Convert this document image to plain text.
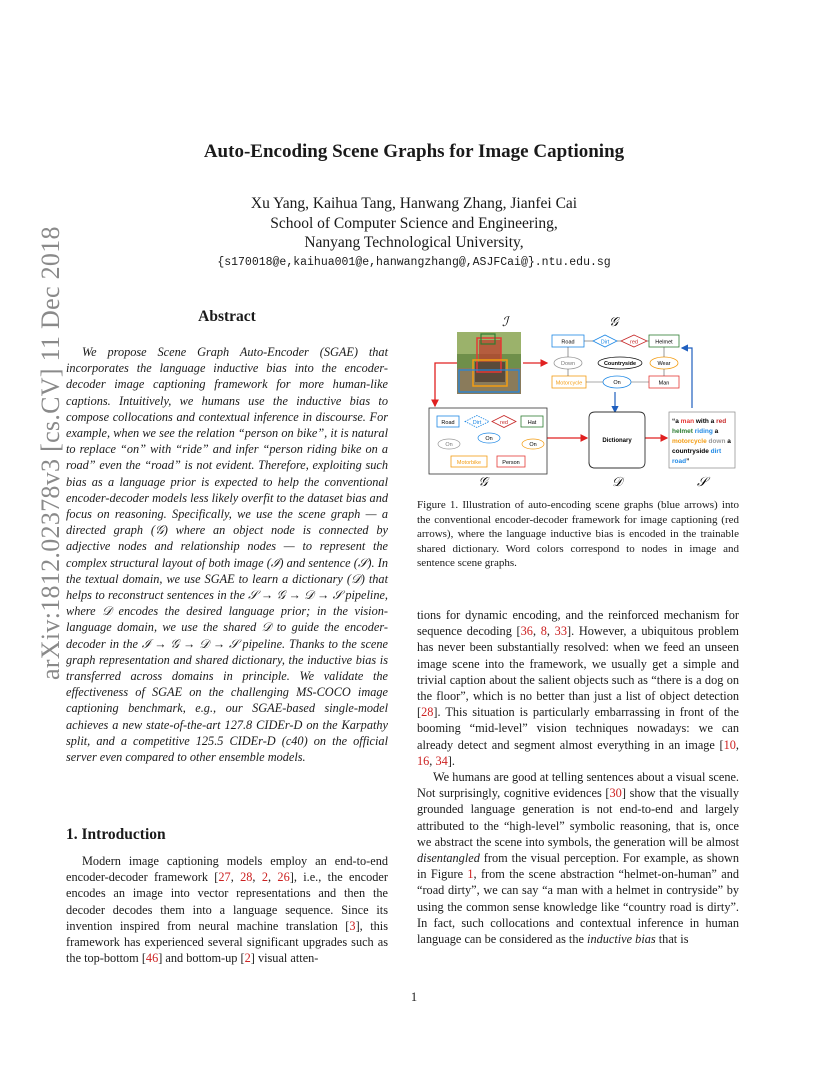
Auto-Encoding Scene Graphs for Image Captioning
Xu Yang, Kaihua Tang, Hanwang Zhang, Jianfei Cai
School of Computer Science and Engineering,
Nanyang Technological University,
{s170018@e,kaihua001@e,hanwangzhang@,ASJFCai@}.ntu.edu.sg
arXiv:1812.02378v3 [cs.CV] 11 Dec 2018	Abstract

We propose Scene Graph Auto-Encoder (SGAE) that incorporates the language inductive bias into the encoder-decoder image captioning framework for more human-like captions. Intuitively, we humans use the inductive bias to compose collocations and contextual inference in discourse. For example, when we see the relation “person on bike”, it is natural to replace “on” with “ride” and infer “person riding bike on a road” even the “road” is not evident. Therefore, exploiting such bias as a language prior is expected to help the conventional encoder-decoder models less likely overfit to the dataset bias and focus on reasoning. Specifically, we use the scene graph — a directed graph (𝒢) where an object node is connected by adjective nodes and relationship nodes — to represent the complex structural layout of both image (ℐ) and sentence (𝒮). In the textual domain, we use SGAE to learn a dictionary (𝒟) that helps to reconstruct sentences in the 𝒮 → 𝒢 → 𝒟 → 𝒮 pipeline, where 𝒟 encodes the desired language prior; in the vision-language domain, we use the shared 𝒟 to guide the encoder-decoder in the ℐ → 𝒢 → 𝒟 → 𝒮 pipeline. Thanks to the scene graph representation and shared dictionary, the inductive bias is transferred across domains in principle. We validate the effectiveness of SGAE on the challenging MS-COCO image captioning benchmark, e.g., our SGAE-based single-model achieves a new state-of-the-art 127.8 CIDEr-D on the Karpathy split, and a competitive 125.5 CIDEr-D (c40) on the official server even compared to other ensemble models.

1. Introduction

Modern image captioning models employ an end-to-end encoder-decoder framework [27, 28, 2, 26], i.e., the encoder encodes an image into vector representations and then the decoder decodes them into a language sequence. Since its invention inspired from neural machine translation [3], this framework has experienced several significant upgrades such as the top-bottom [46] and bottom-up [2] visual atten-

ℐ	𝒢
Road	Dirt	red	Helmet
Down	Countryside	Wear
Motorcycle	On	Man
Road	Dirt	red	Hat
On
On
On
Motorbike	Person
Dictionary
“a man with a red
helmet riding a
motorcycle down a
countryside dirt
road”
𝒢	𝒟	𝒮
Figure 1. Illustration of auto-encoding scene graphs (blue arrows) into the conventional encoder-decoder framework for image captioning (red arrows), where the language inductive bias is encoded in the trainable shared dictionary. Word colors correspond to nodes in image and sentence scene graphs.

tions for dynamic encoding, and the reinforced mechanism for sequence decoding [36, 8, 33]. However, a ubiquitous problem has never been substantially resolved: when we feed an unseen image scene into the framework, we usually get a simple and trivial caption about the salient objects such as “there is a dog on the floor”, which is no better than just a list of object detection [28]. This situation is particularly embarrassing in front of the booming “mid-level” vision techniques nowadays: we can already detect and segment almost everything in an image [10, 16, 34].

We humans are good at telling sentences about a visual scene. Not surprisingly, cognitive evidences [30] show that the visually grounded language generation is not end-to-end and largely attributed to the “high-level” symbolic reasoning, that is, once we abstract the scene into symbols, the generation will be almost disentangled from the visual perception. For example, as shown in Figure 1, from the scene abstraction “helmet-on-human” and “road dirty”, we can say “a man with a helmet in contryside” by using the common sense knowledge like “country road is dirty”. In fact, such collocations and contextual inference in human language can be considered as the inductive bias that is

1
